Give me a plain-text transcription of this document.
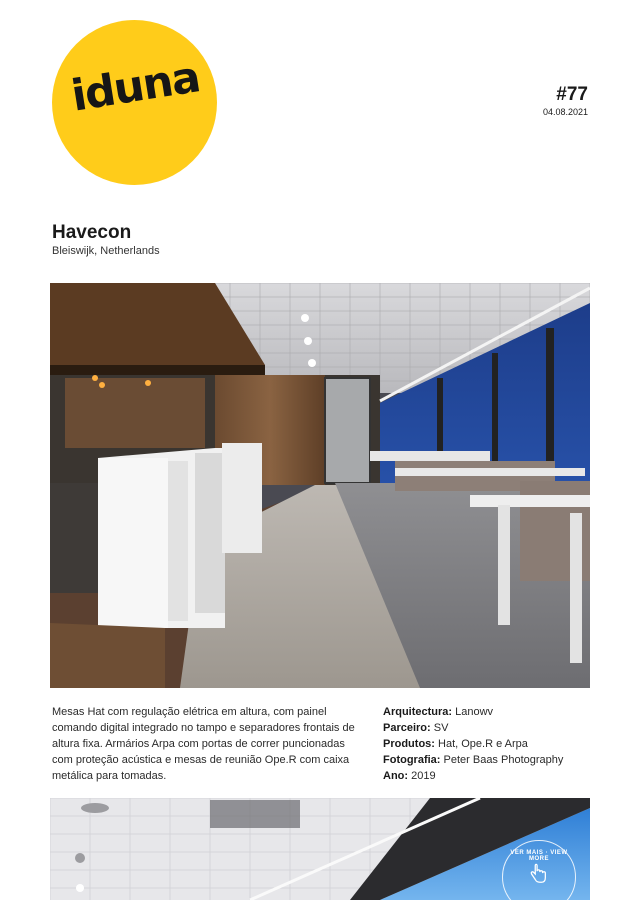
iduna	#77
04.08.2021
Havecon
Bleiswijk, Netherlands
Mesas Hat com regulação elétrica em altura, com painel comando digital integrado no tampo e separadores frontais de altura fixa. Armários Arpa com portas de correr puncionadas com proteção acústica e mesas de reunião Ope.R com caixa metálica para tomadas.
Arquitectura: Lanowv
Parceiro: SV
Produtos: Hat, Ope.R e Arpa
Fotografia: Peter Baas Photography
Ano: 2019
VER MAIS · VIEW MORE
